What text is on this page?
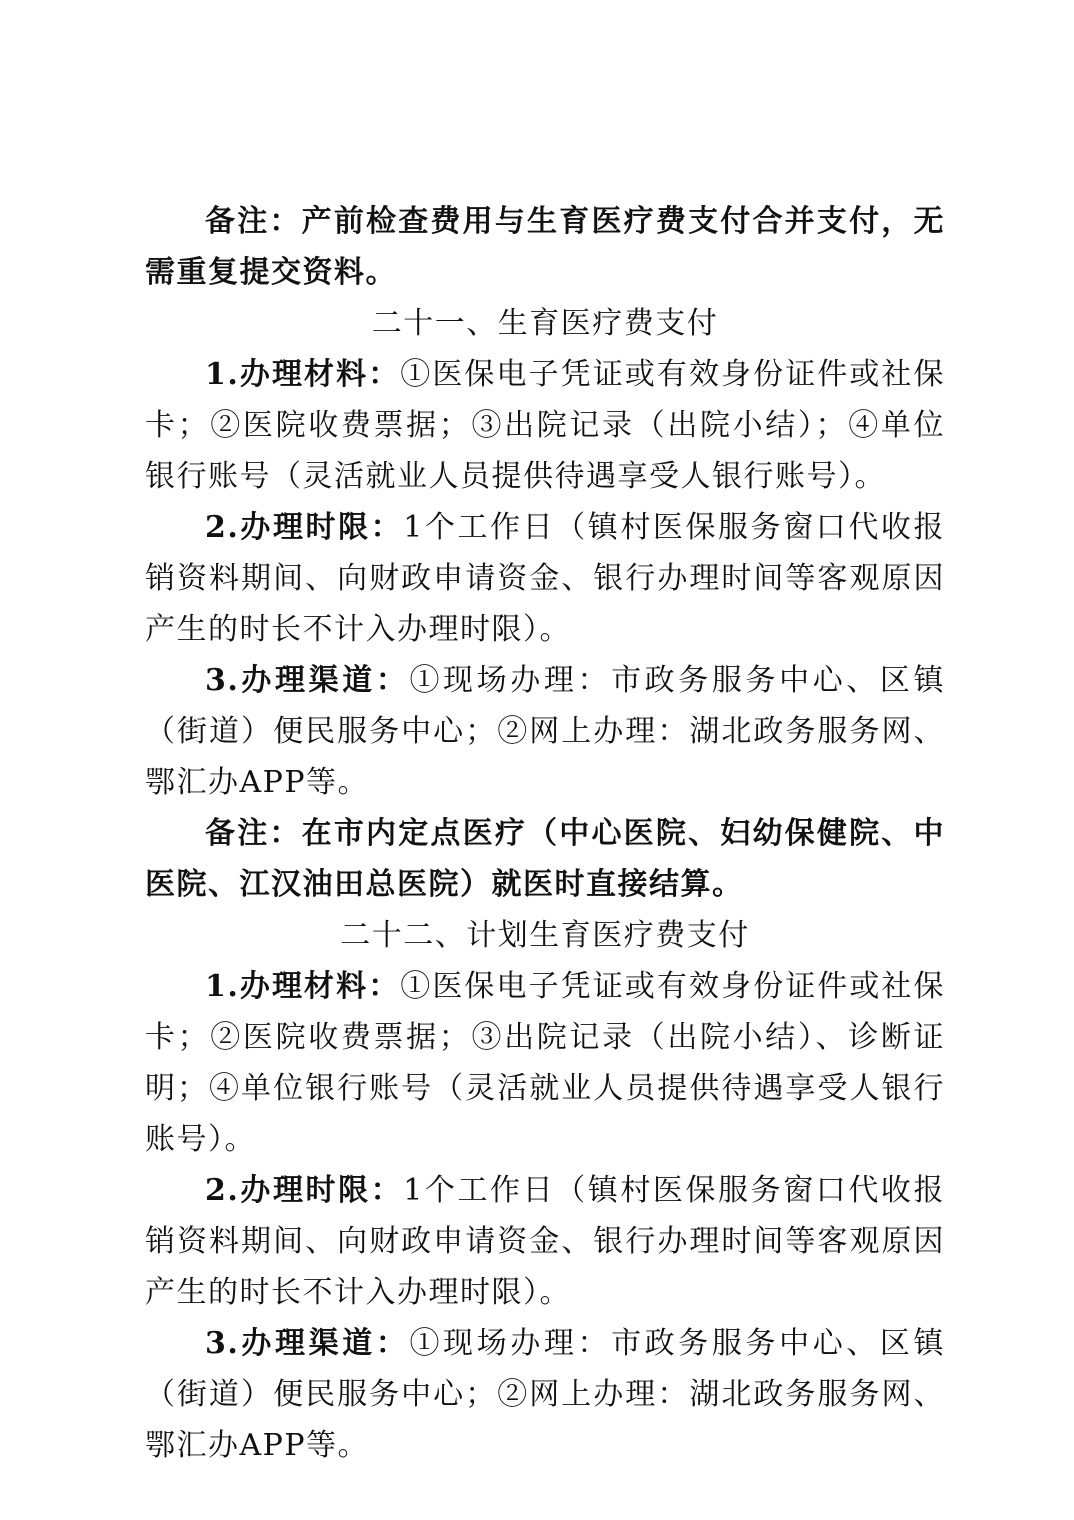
备注：产前检查费用与生育医疗费支付合并支付，无需重复提交资料。

二十一、生育医疗费支付

1.办理材料：①医保电子凭证或有效身份证件或社保卡；②医院收费票据；③出院记录（出院小结）；④单位银行账号（灵活就业人员提供待遇享受人银行账号）。

2.办理时限：1个工作日（镇村医保服务窗口代收报销资料期间、向财政申请资金、银行办理时间等客观原因产生的时长不计入办理时限）。

3.办理渠道：①现场办理：市政务服务中心、区镇（街道）便民服务中心；②网上办理：湖北政务服务网、鄂汇办APP等。

备注：在市内定点医疗（中心医院、妇幼保健院、中医院、江汉油田总医院）就医时直接结算。

二十二、计划生育医疗费支付

1.办理材料：①医保电子凭证或有效身份证件或社保卡；②医院收费票据；③出院记录（出院小结）、诊断证明；④单位银行账号（灵活就业人员提供待遇享受人银行账号）。

2.办理时限：1个工作日（镇村医保服务窗口代收报销资料期间、向财政申请资金、银行办理时间等客观原因产生的时长不计入办理时限）。

3.办理渠道：①现场办理：市政务服务中心、区镇（街道）便民服务中心；②网上办理：湖北政务服务网、鄂汇办APP等。
